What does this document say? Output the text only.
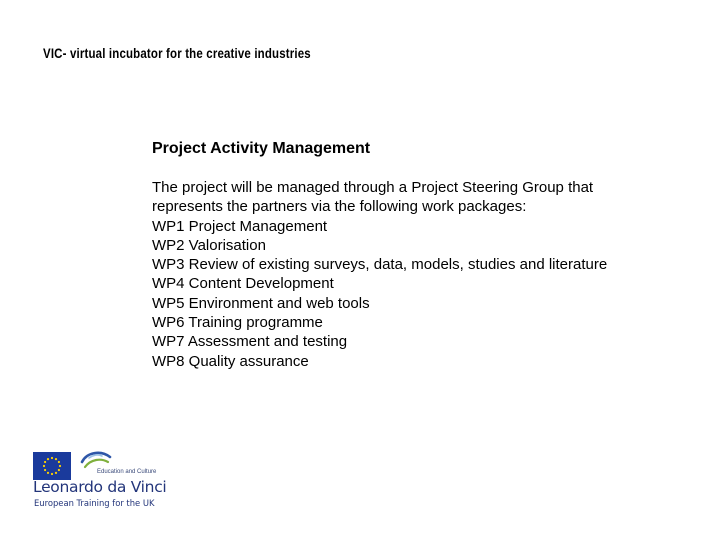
VIC- virtual incubator for the creative industries
Project Activity Management

The project will be managed through a Project Steering Group that represents the partners via the following work packages:

WP1 Project Management
WP2 Valorisation
WP3 Review of existing surveys, data, models, studies and literature
WP4 Content Development
WP5 Environment and web tools
WP6 Training programme
WP7 Assessment and testing
WP8 Quality assurance
Education and Culture
Leonardo da Vinci
European Training for the UK
